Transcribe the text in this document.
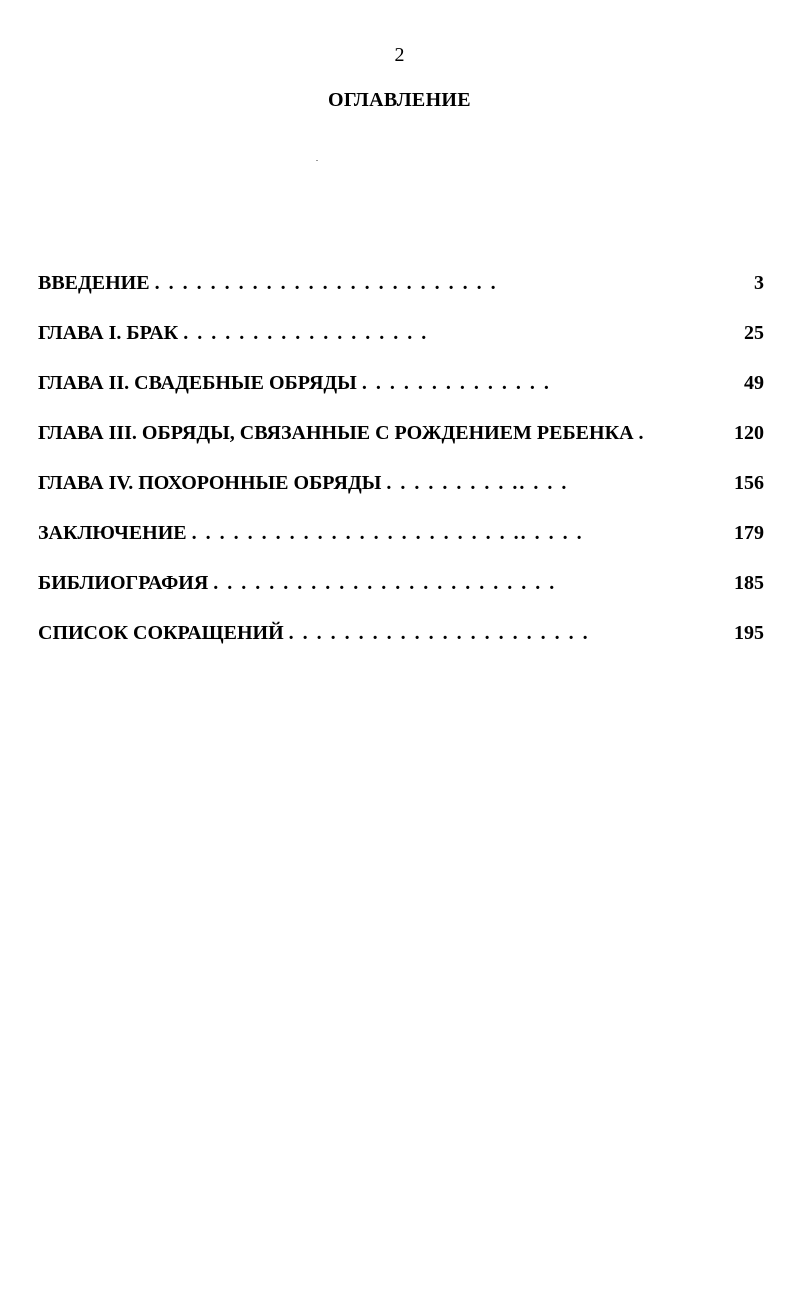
2
ОГЛАВЛЕНИЕ
ВВЕДЕНИЕ . . . . . . . . . . . . . . . . . . . . . . . . .	3
ГЛАВА I. БРАК . . . . . . . . . . . . . . . . . .	25
ГЛАВА II. СВАДЕБНЫЕ ОБРЯДЫ . . . . . . . . . . . . . .	49
ГЛАВА III. ОБРЯДЫ, СВЯЗАННЫЕ С РОЖДЕНИЕМ РЕБЕНКА .	120
ГЛАВА IV. ПОХОРОННЫЕ ОБРЯДЫ . . . . . . . . . .. . . .	156
ЗАКЛЮЧЕНИЕ . . . . . . . . . . . . . . . . . . . . . . . .. . . . .	179
БИБЛИОГРАФИЯ . . . . . . . . . . . . . . . . . . . . . . . . .	185
СПИСОК СОКРАЩЕНИЙ . . . . . . . . . . . . . . . . . . . . . .	195
